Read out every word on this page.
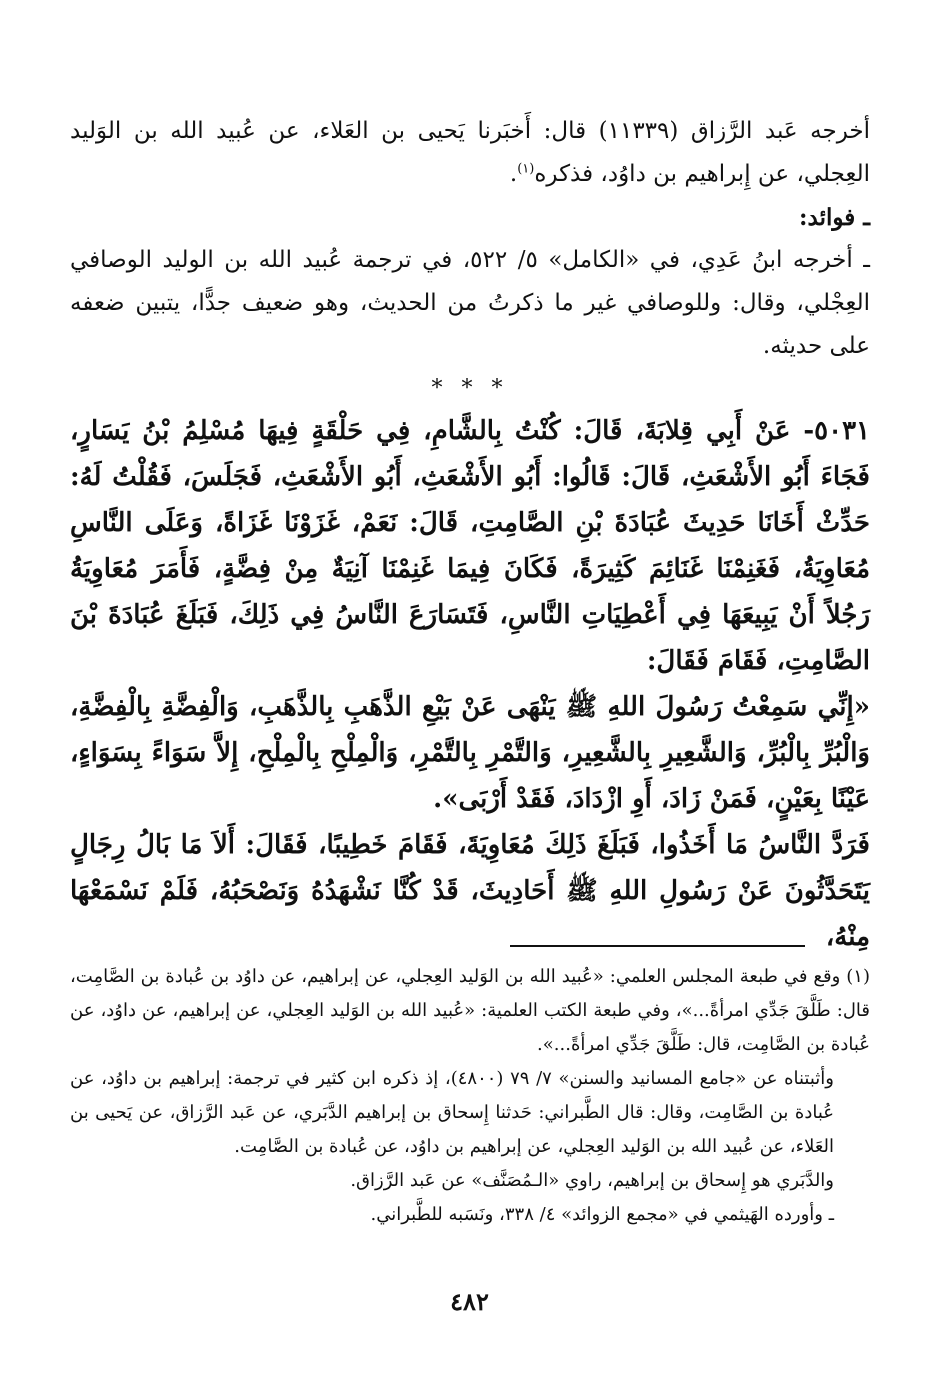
أخرجه عَبد الرَّزاق (١١٣٣٩) قال: أَخبَرنا يَحيى بن العَلاء، عن عُبيد الله بن الوَليد العِجلي، عن إِبراهيم بن داوُد، فذكره$^{(١)}$.

ـ فوائد:

ـ أخرجه ابنُ عَدِي، في «الكامل» ٥/ ٥٢٢، في ترجمة عُبيد الله بن الوليد الوصافي العِجْلي، وقال: وللوصافي غير ما ذكرتُ من الحديث، وهو ضعيف جدًّا، يتبين ضعفه على حديثه.

* * *

٥٠٣١- عَنْ أَبِي قِلابَةَ، قَالَ: كُنْتُ بِالشَّامِ، فِي حَلْقَةٍ فِيهَا مُسْلِمُ بْنُ يَسَارٍ، فَجَاءَ أَبُو الأَشْعَثِ، قَالَ: قَالُوا: أَبُو الأَشْعَثِ، أَبُو الأَشْعَثِ، فَجَلَسَ، فَقُلْتُ لَهُ: حَدِّثْ أَخَانَا حَدِيثَ عُبَادَةَ بْنِ الصَّامِتِ، قَالَ: نَعَمْ، غَزَوْنَا غَزَاةً، وَعَلَى النَّاسِ مُعَاوِيَةُ، فَغَنِمْنَا غَنَائِمَ كَثِيرَةً، فَكَانَ فِيمَا غَنِمْنَا آنِيَةٌ مِنْ فِضَّةٍ، فَأَمَرَ مُعَاوِيَةُ رَجُلاً أَنْ يَبِيعَهَا فِي أَعْطِيَاتِ النَّاسِ، فَتَسَارَعَ النَّاسُ فِي ذَلِكَ، فَبَلَغَ عُبَادَةَ بْنَ الصَّامِتِ، فَقَامَ فَقَالَ:

«إِنِّي سَمِعْتُ رَسُولَ اللهِ ﷺ يَنْهَى عَنْ بَيْعِ الذَّهَبِ بِالذَّهَبِ، وَالْفِضَّةِ بِالْفِضَّةِ، وَالْبُرِّ بِالْبُرِّ، وَالشَّعِيرِ بِالشَّعِيرِ، وَالتَّمْرِ بِالتَّمْرِ، وَالْمِلْحِ بِالْمِلْحِ، إِلاَّ سَوَاءً بِسَوَاءٍ، عَيْنًا بِعَيْنٍ، فَمَنْ زَادَ، أَوِ ازْدَادَ، فَقَدْ أَرْبَى».

فَرَدَّ النَّاسُ مَا أَخَذُوا، فَبَلَغَ ذَلِكَ مُعَاوِيَةَ، فَقَامَ خَطِيبًا، فَقَالَ: أَلاَ مَا بَالُ رِجَالٍ يَتَحَدَّثُونَ عَنْ رَسُولِ اللهِ ﷺ أَحَادِيثَ، قَدْ كُنَّا نَشْهَدُهُ وَنَصْحَبُهُ، فَلَمْ نَسْمَعْهَا مِنْهُ،

(١) وقع في طبعة المجلس العلمي: «عُبيد الله بن الوَليد العِجلي، عن إبراهيم، عن داوُد بن عُبادة بن الصَّامِت، قال: طَلَّقَ جَدِّي امرأةً...»، وفي طبعة الكتب العلمية: «عُبيد الله بن الوَليد العِجلي، عن إبراهيم، عن داوُد، عن عُبادة بن الصَّامِت، قال: طَلَّقَ جَدِّي امرأةً...».

وأثبتناه عن «جامع المسانيد والسنن» ٧/ ٧٩ (٤٨٠٠)، إذ ذكره ابن كثير في ترجمة: إبراهيم بن داوُد، عن عُبادة بن الصَّامِت، وقال: قال الطَّبراني: حَدثنا إِسحاق بن إبراهيم الدَّبَري، عن عَبد الرَّزاق، عن يَحيى بن العَلاء، عن عُبيد الله بن الوَليد العِجلي، عن إبراهيم بن داوُد، عن عُبادة بن الصَّامِت.

والدَّبَري هو إِسحاق بن إبراهيم، راوي «الـمُصَنَّف» عن عَبد الرَّزاق.

ـ وأورده الهَيثمي في «مجمع الزوائد» ٤/ ٣٣٨، ونَسَبه للطَّبراني.

٤٨٢
